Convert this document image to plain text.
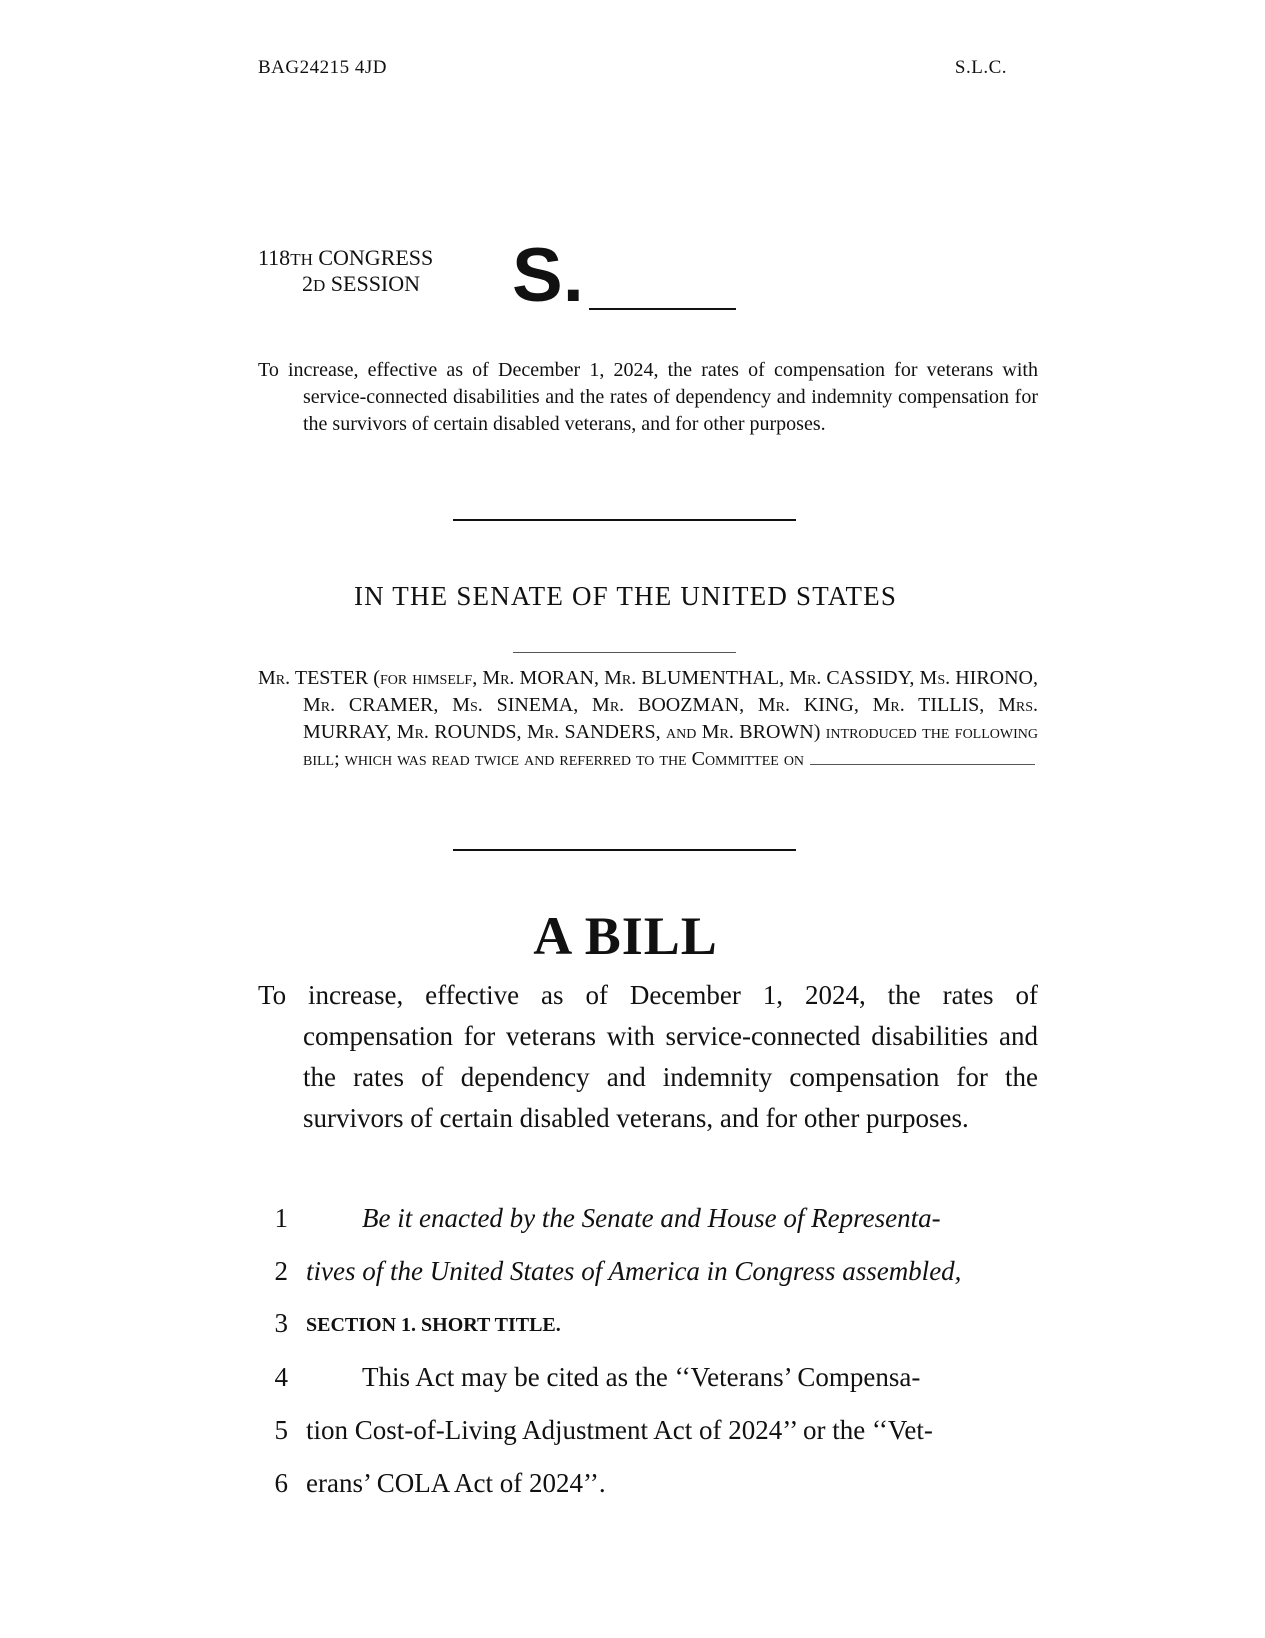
BAG24215 4JD	S.L.C.
118TH CONGRESS
2D SESSION S.
To increase, effective as of December 1, 2024, the rates of compensation for veterans with service-connected disabilities and the rates of dependency and indemnity compensation for the survivors of certain disabled veterans, and for other purposes.
IN THE SENATE OF THE UNITED STATES
Mr. TESTER (for himself, Mr. MORAN, Mr. BLUMENTHAL, Mr. CASSIDY, Ms. HIRONO, Mr. CRAMER, Ms. SINEMA, Mr. BOOZMAN, Mr. KING, Mr. TILLIS, Mrs. MURRAY, Mr. ROUNDS, Mr. SANDERS, and Mr. BROWN) introduced the following bill; which was read twice and referred to the Committee on
A BILL
To increase, effective as of December 1, 2024, the rates of compensation for veterans with service-connected disabilities and the rates of dependency and indemnity compensation for the survivors of certain disabled veterans, and for other purposes.
1	Be it enacted by the Senate and House of Representa-
2 tives of the United States of America in Congress assembled,
3 SECTION 1. SHORT TITLE.
4	This Act may be cited as the ‘‘Veterans’ Compensa-
5 tion Cost-of-Living Adjustment Act of 2024’’ or the ‘‘Vet-
6 erans’ COLA Act of 2024’’.
